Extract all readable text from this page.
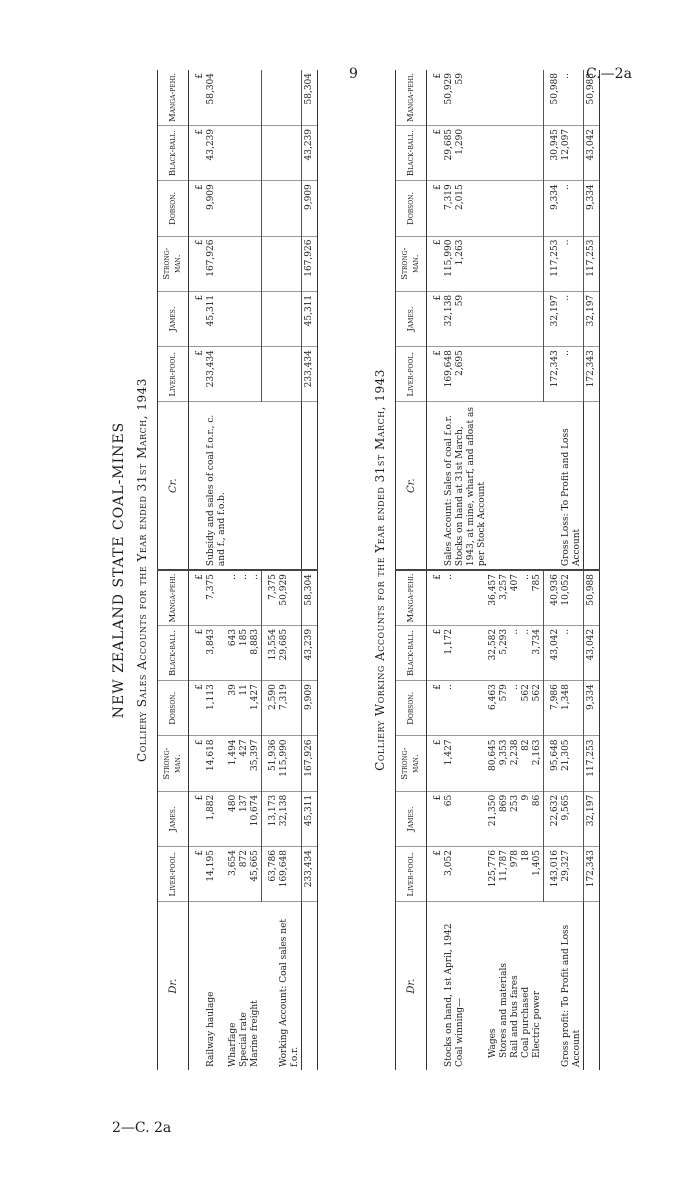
9	C.—2a
2—C. 2a
NEW ZEALAND STATE COAL-MINES Colliery Sales Accounts for the Year ended 31st March, 1943
Dr.	Liver-pool.	James.	Strong-man.	Dobson.	Black-ball.	Manga-pehi.	Cr.	Liver-pool.	James.	Strong-man.	Dobson.	Black-ball.	Manga-pehi.
	£	£	£	£	£	£		£	£	£	£	£	£
Railway haulage	14,195	1,882	14,618	1,113	3,843	7,375	Subsidy and sales of coal f.o.r., c. and f., and f.o.b.	233,434	45,311	167,926	9,909	43,239	58,304
Wharfage	3,654	480	1,494	39	643	..							
Special rate	872	137	427	11	185	..							
Marine freight	45,665	10,674	35,397	1,427	8,883	..							
	63,786	13,173	51,936	2,590	13,554	7,375							
Working Account: Coal sales net f.o.r.	169,648	32,138	115,990	7,319	29,685	50,929							
	233,434	45,311	167,926	9,909	43,239	58,304		233,434	45,311	167,926	9,909	43,239	58,304
Colliery Working Accounts for the Year ended 31st March, 1943
Dr.	Liver-pool.	James.	Strong-man.	Dobson.	Black-ball.	Manga-pehi.	Cr.	Liver-pool.	James.	Strong-man.	Dobson.	Black-ball.	Manga-pehi.
	£	£	£	£	£	£		£	£	£	£	£	£
Stocks on hand, 1st April, 1942	3,052	65	1,427	..	1,172	..	Sales Account: Sales of coal f.o.r.	169,648	32,138	115,990	7,319	29,685	50,929
Coal winning—							Stocks on hand at 31st March, 1943, at mine, wharf, and afloat as per Stock Account	2,695	59	1,263	2,015	1,290	59
Wages	125,776	21,350	80,645	6,463	32,582	36,457							
Stores and materials	11,787	869	9,353	579	5,293	3,257							
Rail and bus fares	978	253	2,238	..	..	407							
Coal purchased	18	9	82	562	..	..							
Electric power	1,405	86	2,163	562	3,734	785							
	143,016	22,632	95,648	7,986	43,042	40,936		172,343	32,197	117,253	9,334	30,945	50,988
Gross profit: To Profit and Loss Account	29,327	9,565	21,305	1,348	..	10,052	Gross Loss: To Profit and Loss Account	..	..	..	..	12,097	..
	172,343	32,197	117,253	9,334	43,042	50,988		172,343	32,197	117,253	9,334	43,042	50,988
